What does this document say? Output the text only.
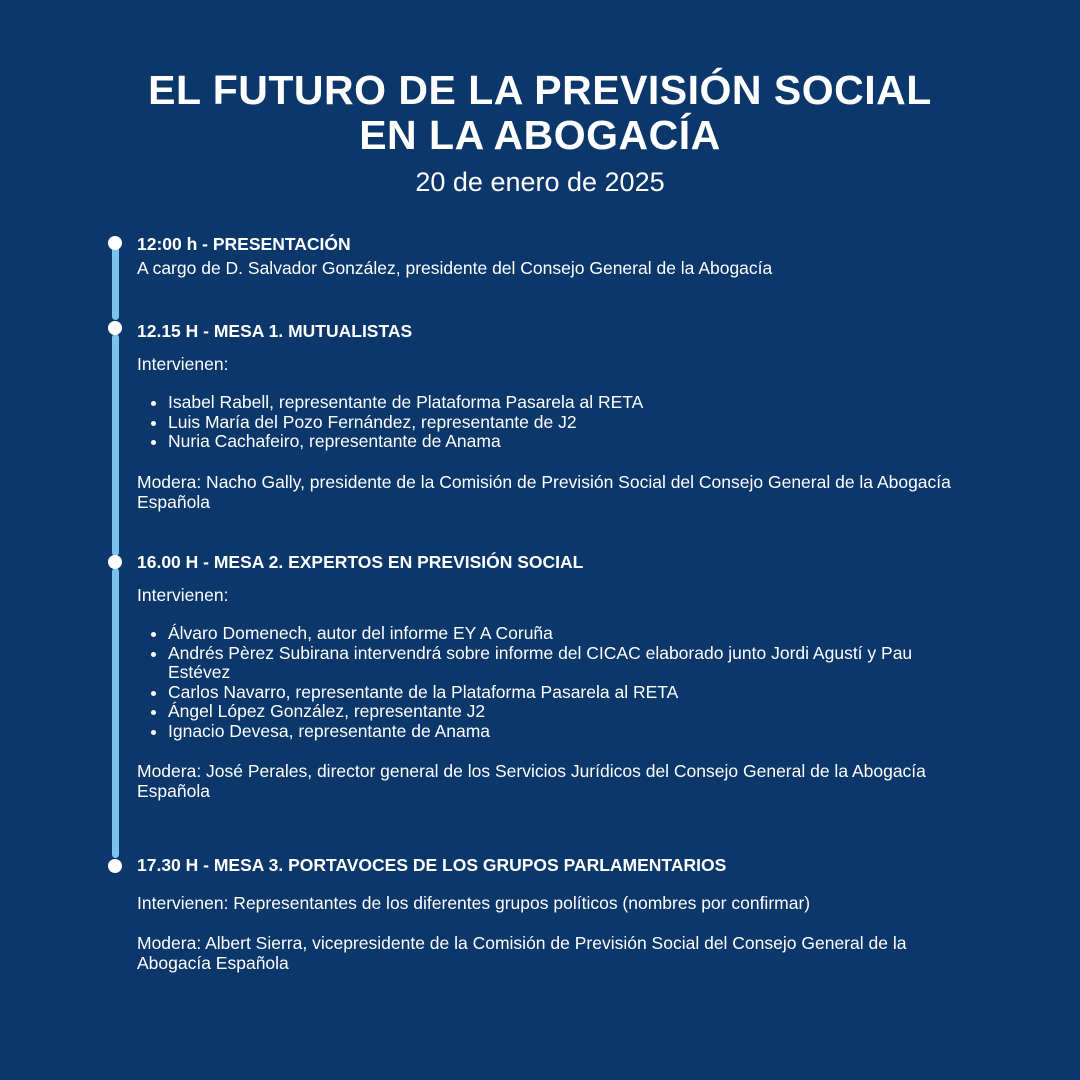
EL FUTURO DE LA PREVISIÓN SOCIAL
EN LA ABOGACÍA

20 de enero de 2025

12:00 h - PRESENTACIÓN

A cargo de D. Salvador González, presidente del Consejo General de la Abogacía

12.15 H - MESA 1. MUTUALISTAS

Intervienen:

Isabel Rabell, representante de Plataforma Pasarela al RETA
Luis María del Pozo Fernández, representante de J2
Nuria Cachafeiro, representante de Anama

Modera: Nacho Gally, presidente de la Comisión de Previsión Social del Consejo General de la Abogacía Española

16.00 H - MESA 2. EXPERTOS EN PREVISIÓN SOCIAL

Intervienen:

Álvaro Domenech, autor del informe EY A Coruña
Andrés Pèrez Subirana intervendrá sobre informe del CICAC elaborado junto Jordi Agustí y Pau Estévez
Carlos Navarro, representante de la Plataforma Pasarela al RETA
Ángel López González, representante J2
Ignacio Devesa, representante de Anama

Modera: José Perales, director general de los Servicios Jurídicos del Consejo General de la Abogacía Española

17.30 H - MESA 3. PORTAVOCES DE LOS GRUPOS PARLAMENTARIOS

Intervienen: Representantes de los diferentes grupos políticos (nombres por confirmar)

Modera: Albert Sierra, vicepresidente de la Comisión de Previsión Social del Consejo General de la Abogacía Española
